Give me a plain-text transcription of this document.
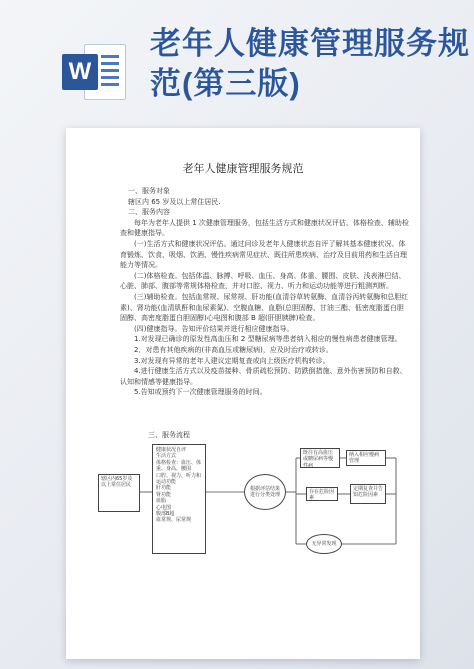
W
老年人健康管理服务规范(第三版)
老年人健康管理服务规范

一、服务对象

辖区内 65 岁及以上常住居民.

二、服务内容

每年为老年人提供 1 次健康管理服务，包括生活方式和健康状况评估、体格检查、辅助检查和健康指导。

(一)生活方式和健康状况评估。通过问诊及老年人健康状态自评了解其基本健康状况、体育锻炼、饮食、吸烟、饮酒、慢性疾病常见症状、既往所患疾病、治疗及目前用药和生活自理能力等情况。

(二)体格检查。包括体温、脉搏、呼吸、血压、身高、体重、腰围、皮肤、浅表淋巴结、心脏、肺部、腹部等常规体格检查，并对口腔、视力、听力和运动功能等进行粗测判断。

(三)辅助检查。包括血常规、尿常规、肝功能(血清谷草转氨酶、血清谷丙转氨酶和总胆红素)、肾功能(血清肌酐和血尿素氮)、空腹血糖、血脂(总胆固醇、甘油三酯、低密度脂蛋白胆固醇、高密度脂蛋白胆固醇)心电图和腹部 B 超(肝胆胰脾)检查。

(四)健康指导。告知评价结果并进行相应健康指导。

1.对发现已确诊的原发性高血压和 2 型糖尿病等患者纳入相应的慢性病患者健康管理。

2．对患有其他疾病的(非高血压或糖尿病)，应及时治疗或转诊。

3.对发现有异常的老年人建议定期复查或向上级医疗机构转诊。

4.进行健康生活方式以及疫苗接种、骨质疏松预防、防跌倒措施、意外伤害预防和自救、认知和情感等健康指导。

5.告知或预约下一次健康管理服务的时间。

三、服务流程
辖区内65岁及以上常住居民
健康状况自评
生活方式
体格检查：血压、体重、身高、腰围
口腔、视力、听力和运动功能
肝功能
肾功能
血脂
心电图
腹部B超
血常规、尿常规
根据评估结果进行分类处理
既往有高血压或糖尿病等慢性病
纳入相应慢病管理
存在危险因素
定期复查并告知危险因素
无异常发现
